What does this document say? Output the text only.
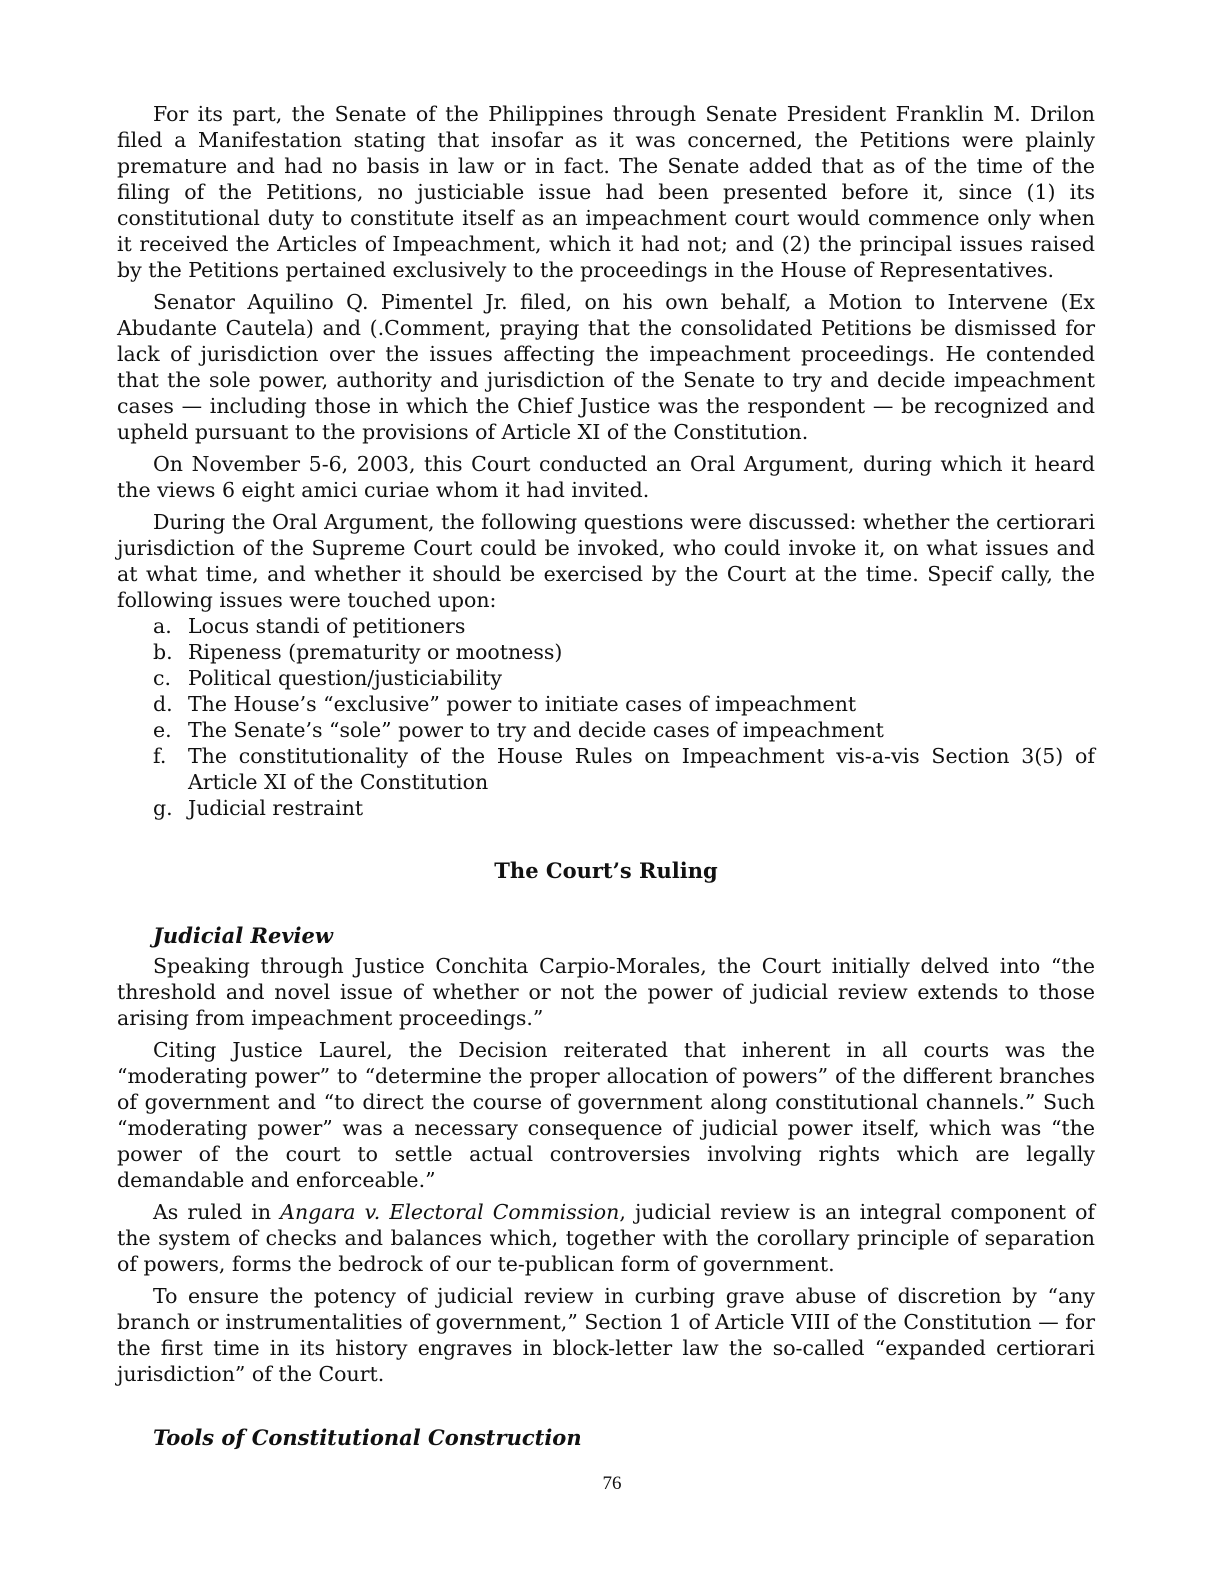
For its part, the Senate of the Philippines through Senate President Franklin M. Drilon filed a Manifestation stating that insofar as it was concerned, the Petitions were plainly premature and had no basis in law or in fact. The Senate added that as of the time of the filing of the Petitions, no justiciable issue had been presented before it, since (1) its constitutional duty to constitute itself as an impeachment court would commence only when it received the Articles of Impeachment, which it had not; and (2) the principal issues raised by the Petitions pertained exclusively to the proceedings in the House of Representatives.

Senator Aquilino Q. Pimentel Jr. filed, on his own behalf, a Motion to Intervene (Ex Abudante Cautela) and (.Comment, praying that the consolidated Petitions be dismissed for lack of jurisdiction over the issues affecting the impeachment proceedings. He contended that the sole power, authority and jurisdiction of the Senate to try and decide impeachment cases — including those in which the Chief Justice was the respondent — be recognized and upheld pursuant to the provisions of Article XI of the Constitution.

On November 5-6, 2003, this Court conducted an Oral Argument, during which it heard the views 6 eight amici curiae whom it had invited.

During the Oral Argument, the following questions were discussed: whether the certiorari jurisdiction of the Supreme Court could be invoked, who could invoke it, on what issues and at what time, and whether it should be exercised by the Court at the time. Specif cally, the following issues were touched upon:

a. Locus standi of petitioners
b. Ripeness (prematurity or mootness)
c. Political question/justiciability
d. The House’s “exclusive” power to initiate cases of impeachment
e. The Senate’s “sole” power to try and decide cases of impeachment
f.	The constitutionality of the House Rules on Impeachment vis-a-vis Section 3(5) of Article XI of the Constitution
g. Judicial restraint
The Court’s Ruling
Judicial Review

Speaking through Justice Conchita Carpio-Morales, the Court initially delved into “the threshold and novel issue of whether or not the power of judicial review extends to those arising from impeachment proceedings.”

Citing Justice Laurel, the Decision reiterated that inherent in all courts was the “moderating power” to “determine the proper allocation of powers” of the different branches of government and “to direct the course of government along constitutional channels.” Such “moderating power” was a necessary consequence of judicial power itself, which was “the power of the court to settle actual controversies involving rights which are legally demandable and enforceable.”

As ruled in Angara v. Electoral Commission, judicial review is an integral component of the system of checks and balances which, together with the corollary principle of separation of powers, forms the bedrock of our te-publican form of government.

To ensure the potency of judicial review in curbing grave abuse of discretion by “any branch or instrumentalities of government,” Section 1 of Article VIII of the Constitution — for the first time in its history engraves in block-letter law the so-called “expanded certiorari jurisdiction” of the Court.

Tools of Constitutional Construction
76
